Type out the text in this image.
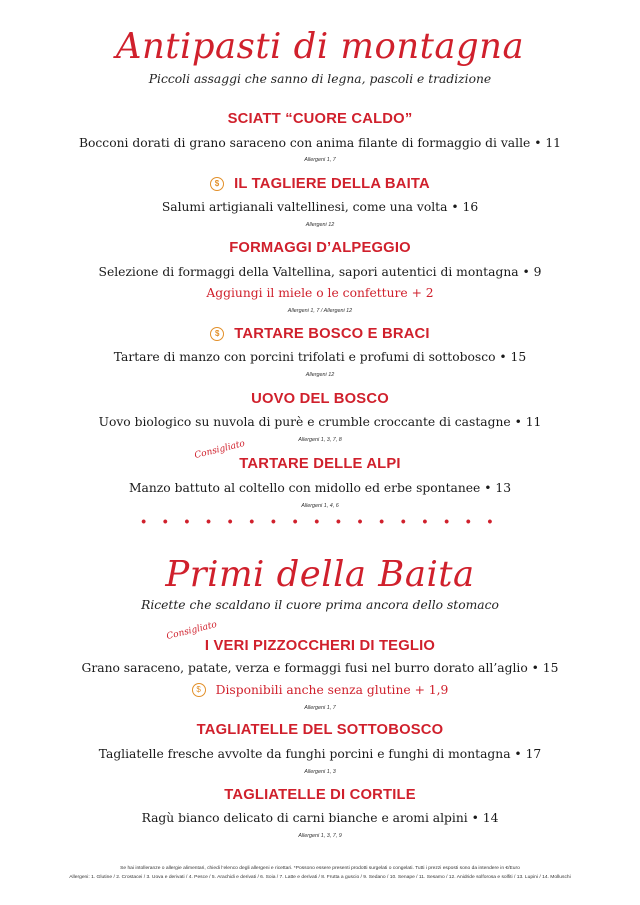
Antipasti di montagna
Piccoli assaggi che sanno di legna, pascoli e tradizione
SCIATT “CUORE CALDO”
Bocconi dorati di grano saraceno con anima filante di formaggio di valle • 11
Allergeni 1, 7
$ IL TAGLIERE DELLA BAITA
Salumi artigianali valtellinesi, come una volta • 16
Allergeni 12
FORMAGGI D’ALPEGGIO
Selezione di formaggi della Valtellina, sapori autentici di montagna • 9
Aggiungi il miele o le confetture + 2
Allergeni 1, 7 / Allergeni 12
$ TARTARE BOSCO E BRACI
Tartare di manzo con porcini trifolati e profumi di sottobosco • 15
Allergeni 12
UOVO DEL BOSCO
Uovo biologico su nuvola di purè e crumble croccante di castagne • 11
Allergeni 1, 3, 7, 8
Consigliato
TARTARE DELLE ALPI
Manzo battuto al coltello con midollo ed erbe spontanee • 13
Allergeni 1, 4, 6
• • • • • • • • • • • • • • • • •
Primi della Baita
Ricette che scaldano il cuore prima ancora dello stomaco
Consigliato
I VERI PIZZOCCHERI DI TEGLIO
Grano saraceno, patate, verza e formaggi fusi nel burro dorato all’aglio • 15
$ Disponibili anche senza glutine + 1,9
Allergeni 1, 7
TAGLIATELLE DEL SOTTOBOSCO
Tagliatelle fresche avvolte da funghi porcini e funghi di montagna • 17
Allergeni 1, 3
TAGLIATELLE DI CORTILE
Ragù bianco delicato di carni bianche e aromi alpini • 14
Allergeni 1, 3, 7, 9
Se hai intolleranze o allergie alimentari, chiedi l’elenco degli allergeni e ricettari. *Possono essere presenti prodotti surgelati o congelati. Tutti i prezzi esposti sono da intendere in €/Euro
Allergeni: 1. Glutine / 2. Crostacei / 3. Uova e derivati / 4. Pesce / 5. Arachidi e derivati / 6. Soia / 7. Latte e derivati / 8. Frutta a guscio / 9. Sedano / 10. Senape / 11. Sesamo / 12. Anidride solforosa e solfiti / 13. Lupini / 14. Molluschi
